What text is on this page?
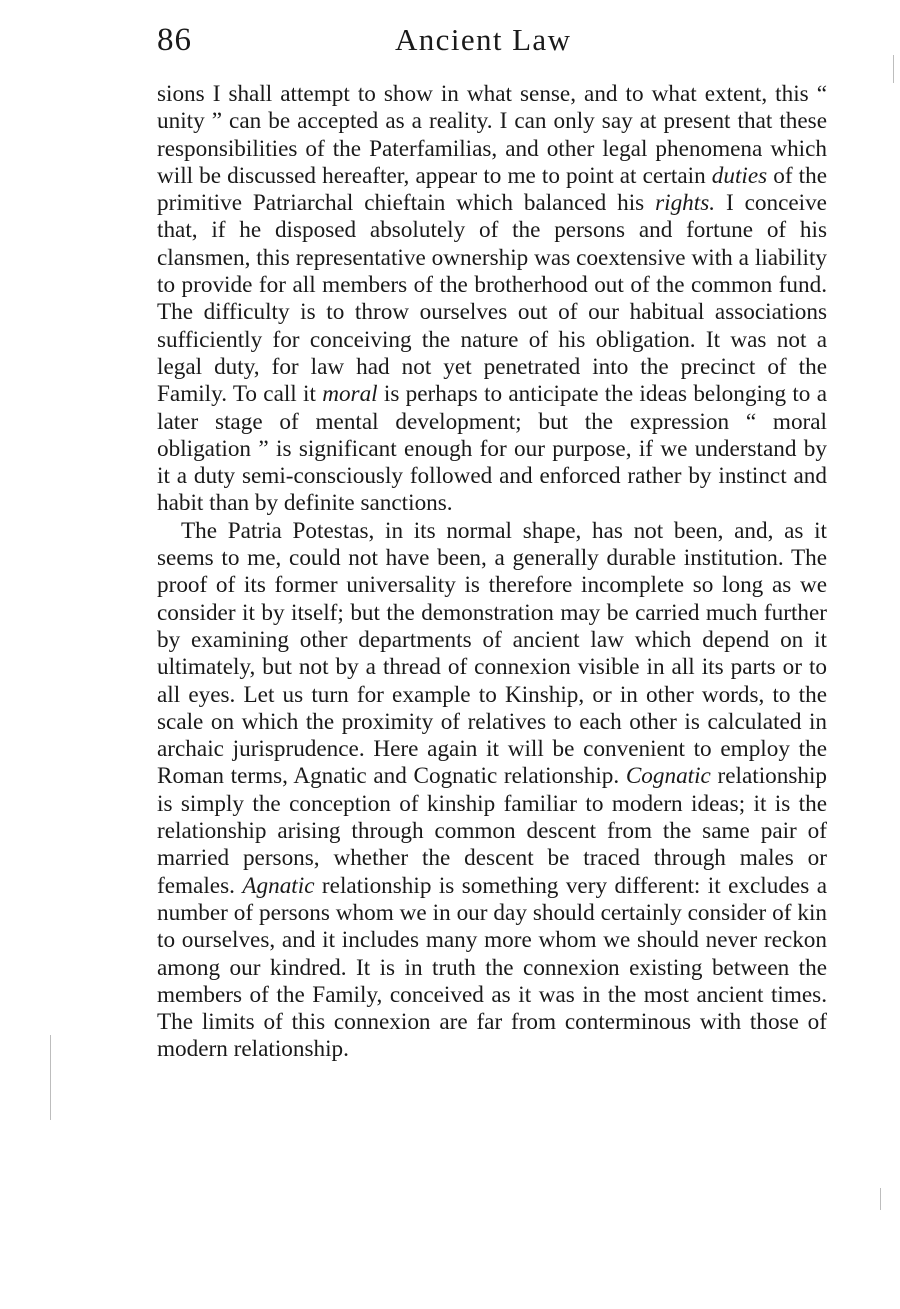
86	Ancient Law

sions I shall attempt to show in what sense, and to what extent, this “ unity ” can be accepted as a reality. I can only say at present that these responsibilities of the Paterfamilias, and other legal phenomena which will be discussed hereafter, appear to me to point at certain duties of the primitive Patriarchal chieftain which balanced his rights. I conceive that, if he disposed absolutely of the persons and fortune of his clansmen, this representative ownership was coextensive with a liability to provide for all members of the brotherhood out of the common fund. The difficulty is to throw ourselves out of our habitual associations sufficiently for conceiving the nature of his obligation. It was not a legal duty, for law had not yet penetrated into the precinct of the Family. To call it moral is perhaps to anticipate the ideas belonging to a later stage of mental development; but the expression “ moral obligation ” is significant enough for our purpose, if we understand by it a duty semi-consciously followed and enforced rather by instinct and habit than by definite sanctions.

The Patria Potestas, in its normal shape, has not been, and, as it seems to me, could not have been, a generally durable institution. The proof of its former universality is therefore incomplete so long as we consider it by itself; but the demonstration may be carried much further by examining other departments of ancient law which depend on it ultimately, but not by a thread of connexion visible in all its parts or to all eyes. Let us turn for example to Kinship, or in other words, to the scale on which the proximity of relatives to each other is calculated in archaic jurisprudence. Here again it will be convenient to employ the Roman terms, Agnatic and Cognatic relationship. Cognatic relationship is simply the conception of kinship familiar to modern ideas; it is the relationship arising through common descent from the same pair of married persons, whether the descent be traced through males or females. Agnatic relationship is something very different: it excludes a number of persons whom we in our day should certainly consider of kin to ourselves, and it includes many more whom we should never reckon among our kindred. It is in truth the connexion existing between the members of the Family, conceived as it was in the most ancient times. The limits of this connexion are far from conterminous with those of modern relationship.
